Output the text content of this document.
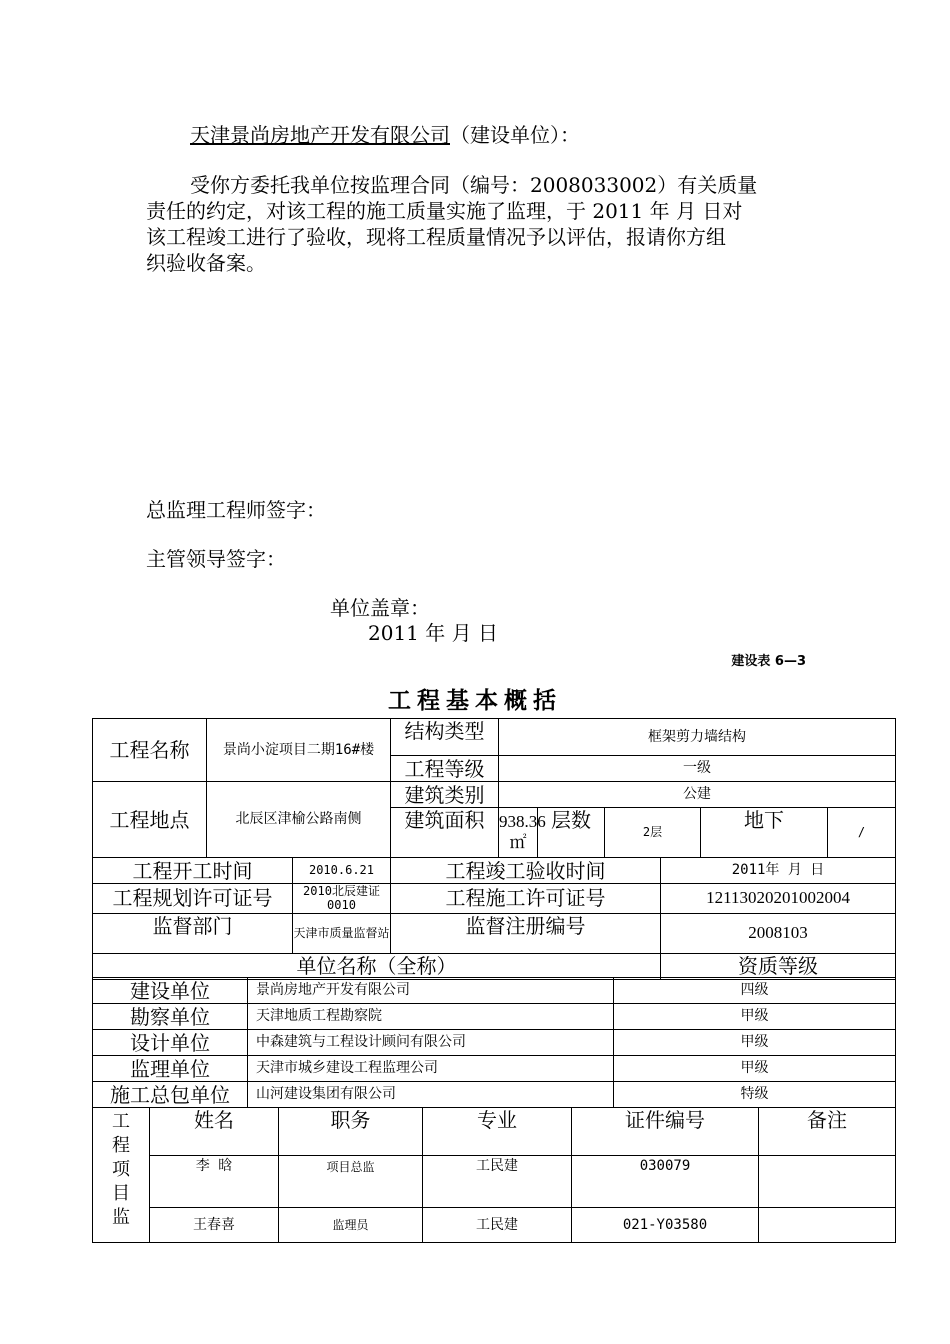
天津景尚房地产开发有限公司（建设单位）：
受你方委托我单位按监理合同（编号：2008033002）有关质量
责任的约定，对该工程的施工质量实施了监理，于 2011 年 月 日对
该工程竣工进行了验收，现将工程质量情况予以评估，报请你方组
织验收备案。
总监理工程师签字：
主管领导签字：
单位盖章：
2011 年 月 日
建设表 6—3
工程基本概括
工程名称	景尚小淀项目二期16#楼		结构类型	框架剪力墙结构					
			工程等级	一级					
工程地点	北辰区津榆公路南侧		建筑类别	公建					
			建筑面积	938.36 ㎡	层数	2层		地下	/
工程开工时间		2010.6.21	工程竣工验收时间				2011年 月 日		
工程规划许可证号		2010北辰建证0010	工程施工许可证号				12113020201002004		
监督部门		天津市质量监督站	监督注册编号				2008103		
单位名称（全称）							资质等级		
建设单位	景尚房地产开发有限公司	四级
勘察单位	天津地质工程勘察院	甲级
设计单位	中森建筑与工程设计顾问有限公司	甲级
监理单位	天津市城乡建设工程监理公司	甲级
施工总包单位	山河建设集团有限公司	特级
工程项目监	姓名	职务	专业	证件编号	备注
	李 晗	项目总监	工民建	030079	
	王春喜	监理员	工民建	021-Y03580	
